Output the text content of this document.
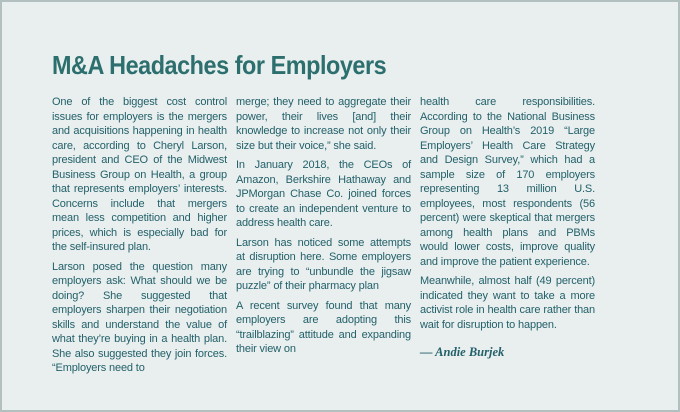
M&A Headaches for Employers

One of the biggest cost control issues for employers is the mergers and acquisitions happening in health care, according to Cheryl Larson, president and CEO of the Midwest Business Group on Health, a group that represents employers’ interests. Concerns include that mergers mean less competition and higher prices, which is especially bad for the self-insured plan.

Larson posed the question many employers ask: What should we be doing? She suggested that employers sharpen their negotiation skills and understand the value of what they’re buying in a health plan. She also suggested they join forces. “Employers need to

merge; they need to aggregate their power, their lives [and] their knowledge to increase not only their size but their voice,” she said.

In January 2018, the CEOs of Amazon, Berkshire Hathaway and JPMorgan Chase Co. joined forces to create an independent venture to address health care.

Larson has noticed some attempts at disruption here. Some employers are trying to “unbundle the jigsaw puzzle” of their pharmacy plan

A recent survey found that many employers are adopting this “trailblazing” attitude and expanding their view on

health care responsibilities. According to the National Business Group on Health’s 2019 “Large Employers’ Health Care Strategy and Design Survey,” which had a sample size of 170 employers representing 13 million U.S. employees, most respondents (56 percent) were skeptical that mergers among health plans and PBMs would lower costs, improve quality and improve the patient experience.

Meanwhile, almost half (49 percent) indicated they want to take a more activist role in health care rather than wait for disruption to happen.

— Andie Burjek
